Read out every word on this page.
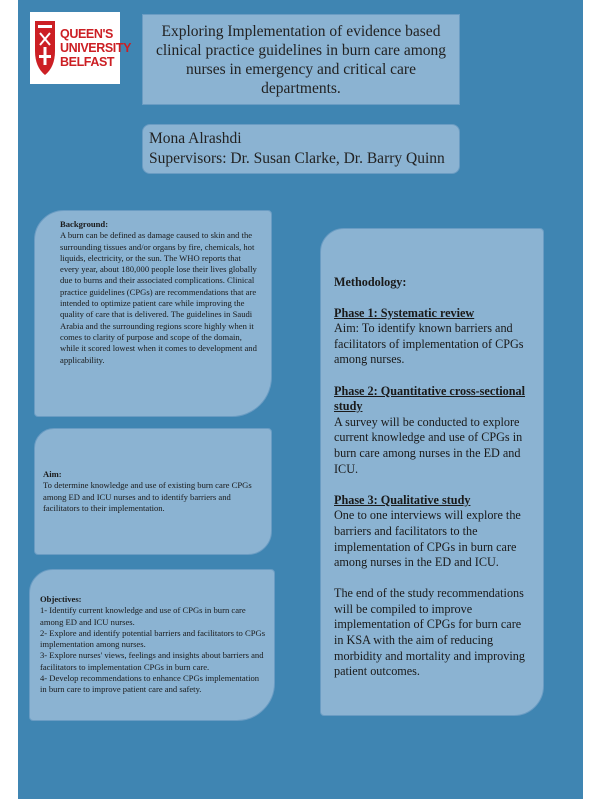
QUEEN'S
UNIVERSITY
BELFAST
Exploring Implementation of evidence based clinical practice guidelines in burn care among nurses in emergency and critical care departments.
Mona Alrashdi
Supervisors: Dr. Susan Clarke, Dr. Barry Quinn
Background:
A burn can be defined as damage caused to skin and the surrounding tissues and/or organs by fire, chemicals, hot liquids, electricity, or the sun. The WHO reports that every year, about 180,000 people lose their lives globally due to burns and their associated complications. Clinical practice guidelines (CPGs) are recommendations that are intended to optimize patient care while improving the quality of care that is delivered. The guidelines in Saudi Arabia and the surrounding regions score highly when it comes to clarity of purpose and scope of the domain, while it scored lowest when it comes to development and applicability.
Aim:
To determine knowledge and use of existing burn care CPGs among ED and ICU nurses and to identify barriers and facilitators to their implementation.
Objectives:
1- Identify current knowledge and use of CPGs in burn care among ED and ICU nurses.
2- Explore and identify potential barriers and facilitators to CPGs implementation among nurses.
3- Explore nurses' views, feelings and insights about barriers and facilitators to implementation CPGs in burn care.
4- Develop recommendations to enhance CPGs implementation in burn care to improve patient care and safety.
Methodology:
Phase 1: Systematic review
Aim: To identify known barriers and facilitators of implementation of CPGs among nurses.
Phase 2: Quantitative cross-sectional study
A survey will be conducted to explore current knowledge and use of CPGs in burn care among nurses in the ED and ICU.
Phase 3: Qualitative study
One to one interviews will explore the barriers and facilitators to the implementation of CPGs in burn care among nurses in the ED and ICU.
The end of the study recommendations will be compiled to improve implementation of CPGs for burn care in KSA with the aim of reducing morbidity and mortality and improving patient outcomes.
